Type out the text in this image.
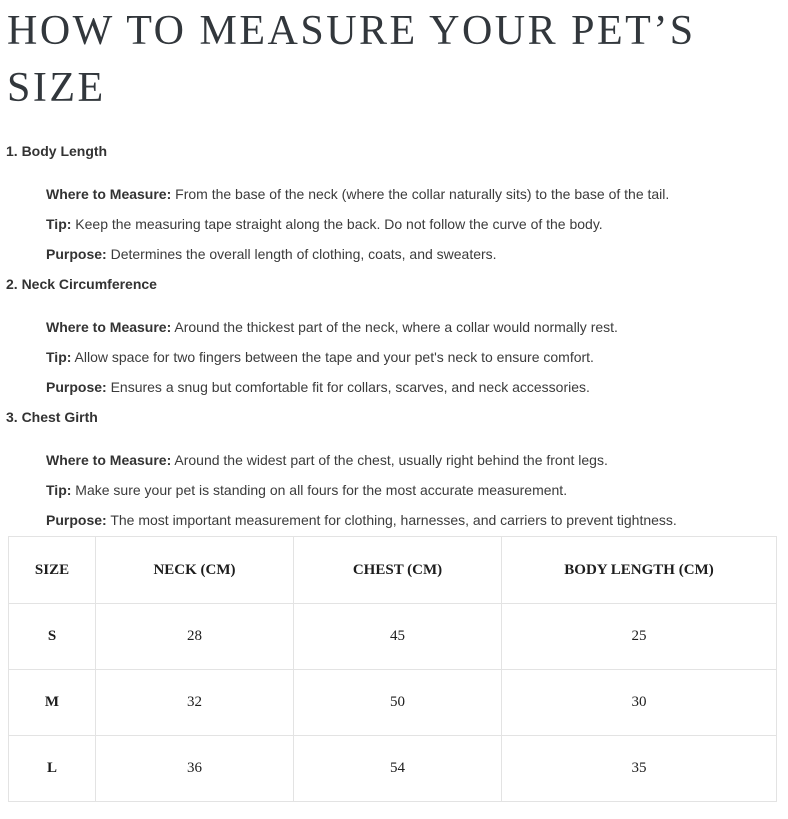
HOW TO MEASURE YOUR PET’S SIZE
1. Body Length

Where to Measure: From the base of the neck (where the collar naturally sits) to the base of the tail.

Tip: Keep the measuring tape straight along the back. Do not follow the curve of the body.

Purpose: Determines the overall length of clothing, coats, and sweaters.

2. Neck Circumference

Where to Measure: Around the thickest part of the neck, where a collar would normally rest.

Tip: Allow space for two fingers between the tape and your pet's neck to ensure comfort.

Purpose: Ensures a snug but comfortable fit for collars, scarves, and neck accessories.

3. Chest Girth

Where to Measure: Around the widest part of the chest, usually right behind the front legs.

Tip: Make sure your pet is standing on all fours for the most accurate measurement.

Purpose: The most important measurement for clothing, harnesses, and carriers to prevent tightness.

SIZE	NECK (CM)	CHEST (CM)	BODY LENGTH (CM)
S	28	45	25
M	32	50	30
L	36	54	35
